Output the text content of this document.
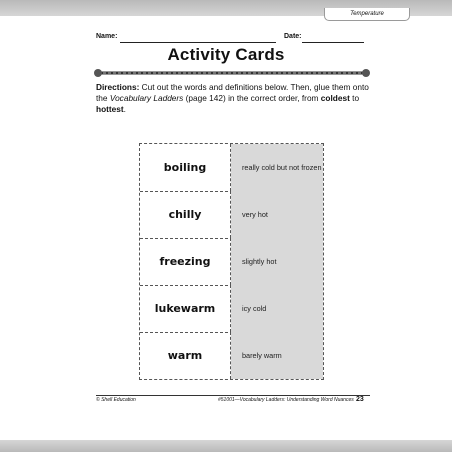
Temperature
Name:	Date:
Activity Cards
Directions: Cut out the words and definitions below. Then, glue them onto the Vocabulary Ladders (page 142) in the correct order, from coldest to hottest.
boiling	really cold but not frozen
chilly	very hot
freezing	slightly hot
lukewarm	icy cold
warm	barely warm
© Shell Education	#51001—Vocabulary Ladders: Understanding Word Nuances 23
